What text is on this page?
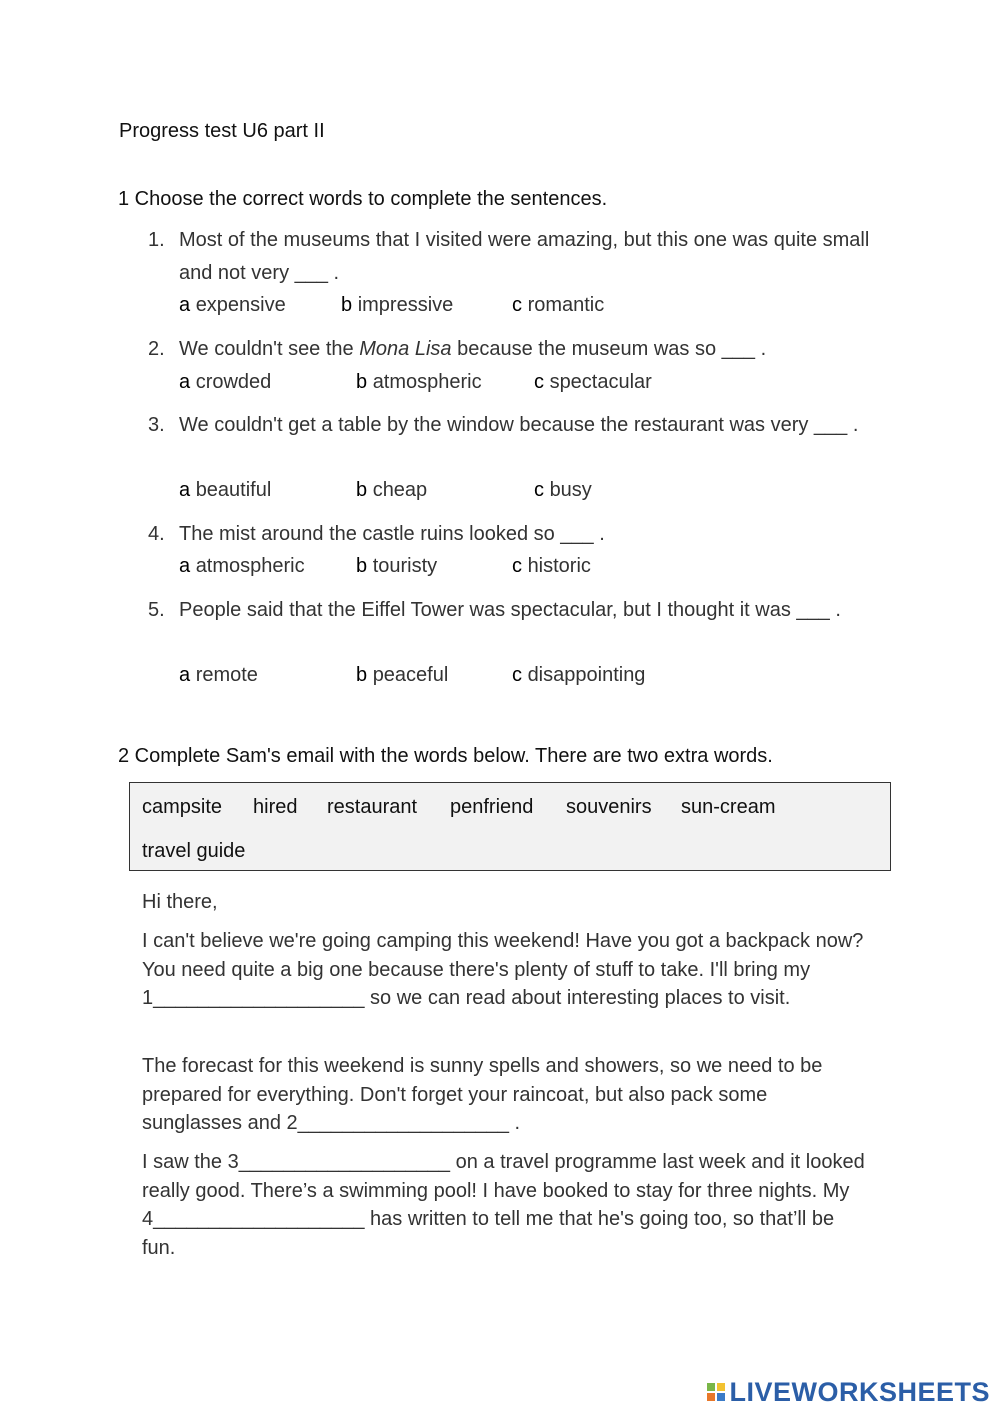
Progress test U6 part II
1 Choose the correct words to complete the sentences.
1. Most of the museums that I visited were amazing, but this one was quite small and not very ___ .
a expensive	b impressive	c romantic
2. We couldn't see the Mona Lisa because the museum was so ___ .
a crowded	b atmospheric	c spectacular
3. We couldn't get a table by the window because the restaurant was very ___ .
a beautiful	b cheap	c busy
4. The mist around the castle ruins looked so ___ .
a atmospheric	b touristy	c historic
5. People said that the Eiffel Tower was spectacular, but I thought it was ___ .
a remote	b peaceful	c disappointing
2 Complete Sam's email with the words below. There are two extra words.
campsite hired restaurant penfriend souvenirs sun-cream
travel guide

Hi there,

I can't believe we're going camping this weekend! Have you got a backpack now? You need quite a big one because there's plenty of stuff to take. I'll bring my 1___________________ so we can read about interesting places to visit.

The forecast for this weekend is sunny spells and showers, so we need to be prepared for everything. Don't forget your raincoat, but also pack some sunglasses and 2___________________ .

I saw the 3___________________ on a travel programme last week and it looked really good. There’s a swimming pool! I have booked to stay for three nights. My 4___________________ has written to tell me that he's going too, so that’ll be fun.

LIVEWORKSHEETS
